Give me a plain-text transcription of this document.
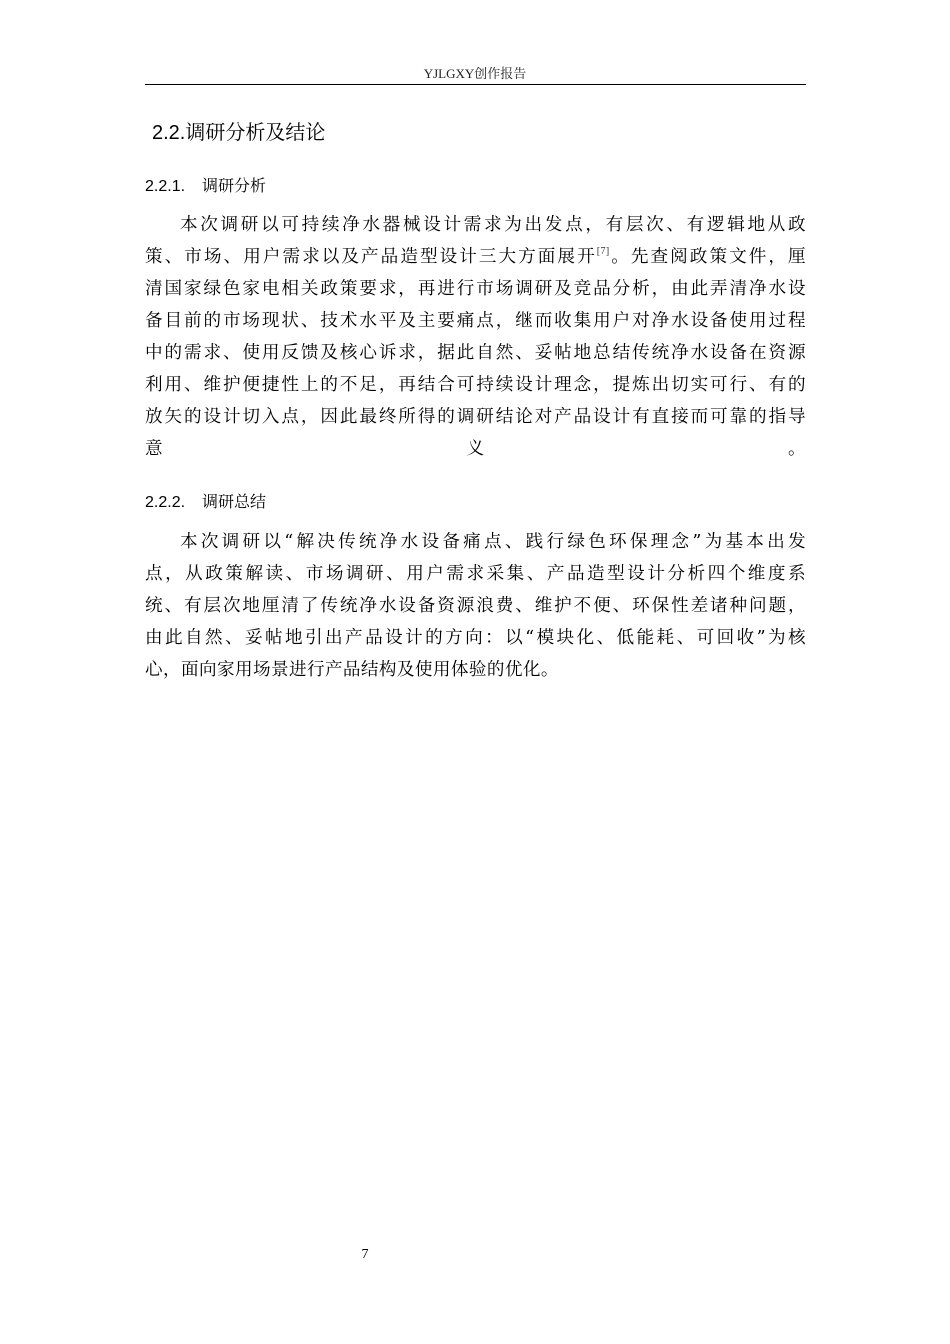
YJLGXY创作报告
2.2.调研分析及结论
2.2.1. 调研分析
本次调研以可持续净水器械设计需求为出发点，有层次、有逻辑地从政
策、市场、用户需求以及产品造型设计三大方面展开[7]。先查阅政策文件，厘
清国家绿色家电相关政策要求，再进行市场调研及竞品分析，由此弄清净水设
备目前的市场现状、技术水平及主要痛点，继而收集用户对净水设备使用过程
中的需求、使用反馈及核心诉求，据此自然、妥帖地总结传统净水设备在资源
利用、维护便捷性上的不足，再结合可持续设计理念，提炼出切实可行、有的
放矢的设计切入点，因此最终所得的调研结论对产品设计有直接而可靠的指导
意义。
2.2.2. 调研总结
本次调研以“解决传统净水设备痛点、践行绿色环保理念”为基本出发
点，从政策解读、市场调研、用户需求采集、产品造型设计分析四个维度系
统、有层次地厘清了传统净水设备资源浪费、维护不便、环保性差诸种问题，
由此自然、妥帖地引出产品设计的方向：以“模块化、低能耗、可回收”为核
心，面向家用场景进行产品结构及使用体验的优化。
7
